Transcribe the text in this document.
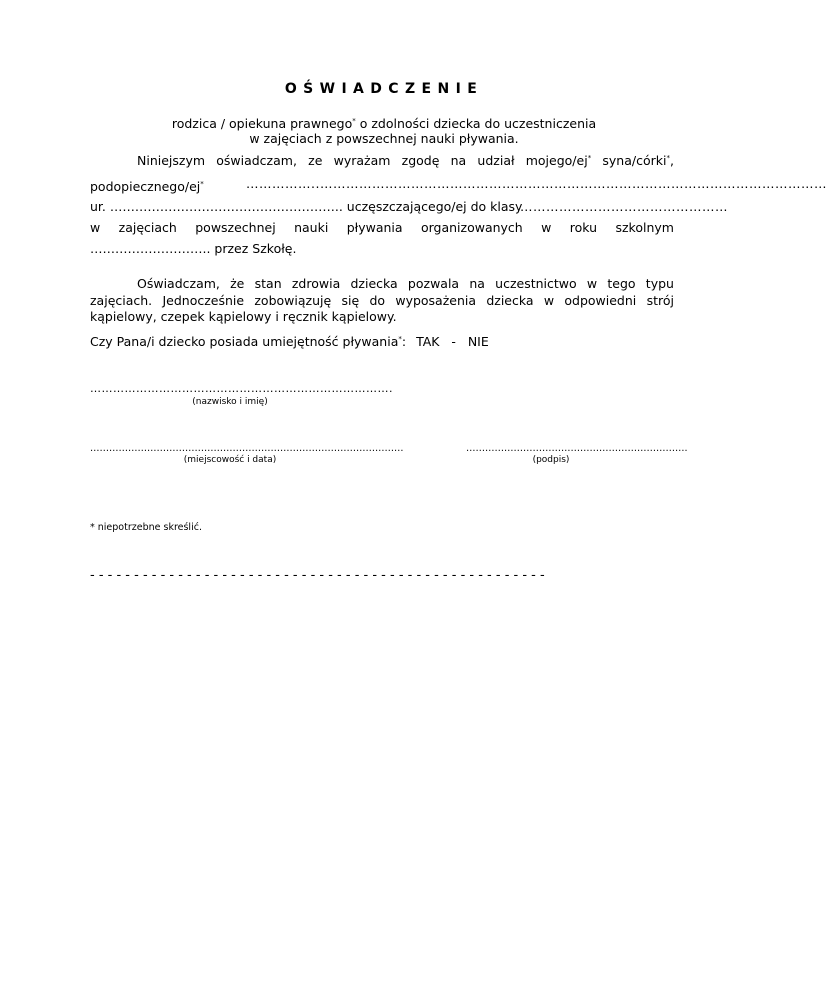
OŚWIADCZENIE
rodzica / opiekuna prawnego* o zdolności dziecka do uczestniczenia
w zajęciach z powszechnej nauki pływania.
Niniejszym oświadczam, ze wyrażam zgodę na udział mojego/ej* syna/córki*,
podopiecznego/ej*	……………..………………………………………………………………………………………………………
ur. ……………………………………………….. uczęszczającego/ej do klasy
…………………………………………
w zajęciach powszechnej nauki pływania organizowanych w roku szkolnym
……………………….. przez Szkołę.
Oświadczam, że stan zdrowia dziecka pozwala na uczestnictwo w tego typu
zajęciach. Jednocześnie zobowiązuję się do wyposażenia dziecka w odpowiedni strój
kąpielowy, czepek kąpielowy i ręcznik kąpielowy.
Czy Pana/i dziecko posiada umiejętność pływania*: TAK   -   NIE
…………………………………………………………………….
(nazwisko i imię)
………………………………………………………………………………………
(miejscowość i data)
…………………………………………………………….
(podpis)
* niepotrzebne skreślić.
- - - - - - - - - - - - - - - - - - - - - - - - - - - - - - - - - - - - - - - - - - - - - - - - - - - -
